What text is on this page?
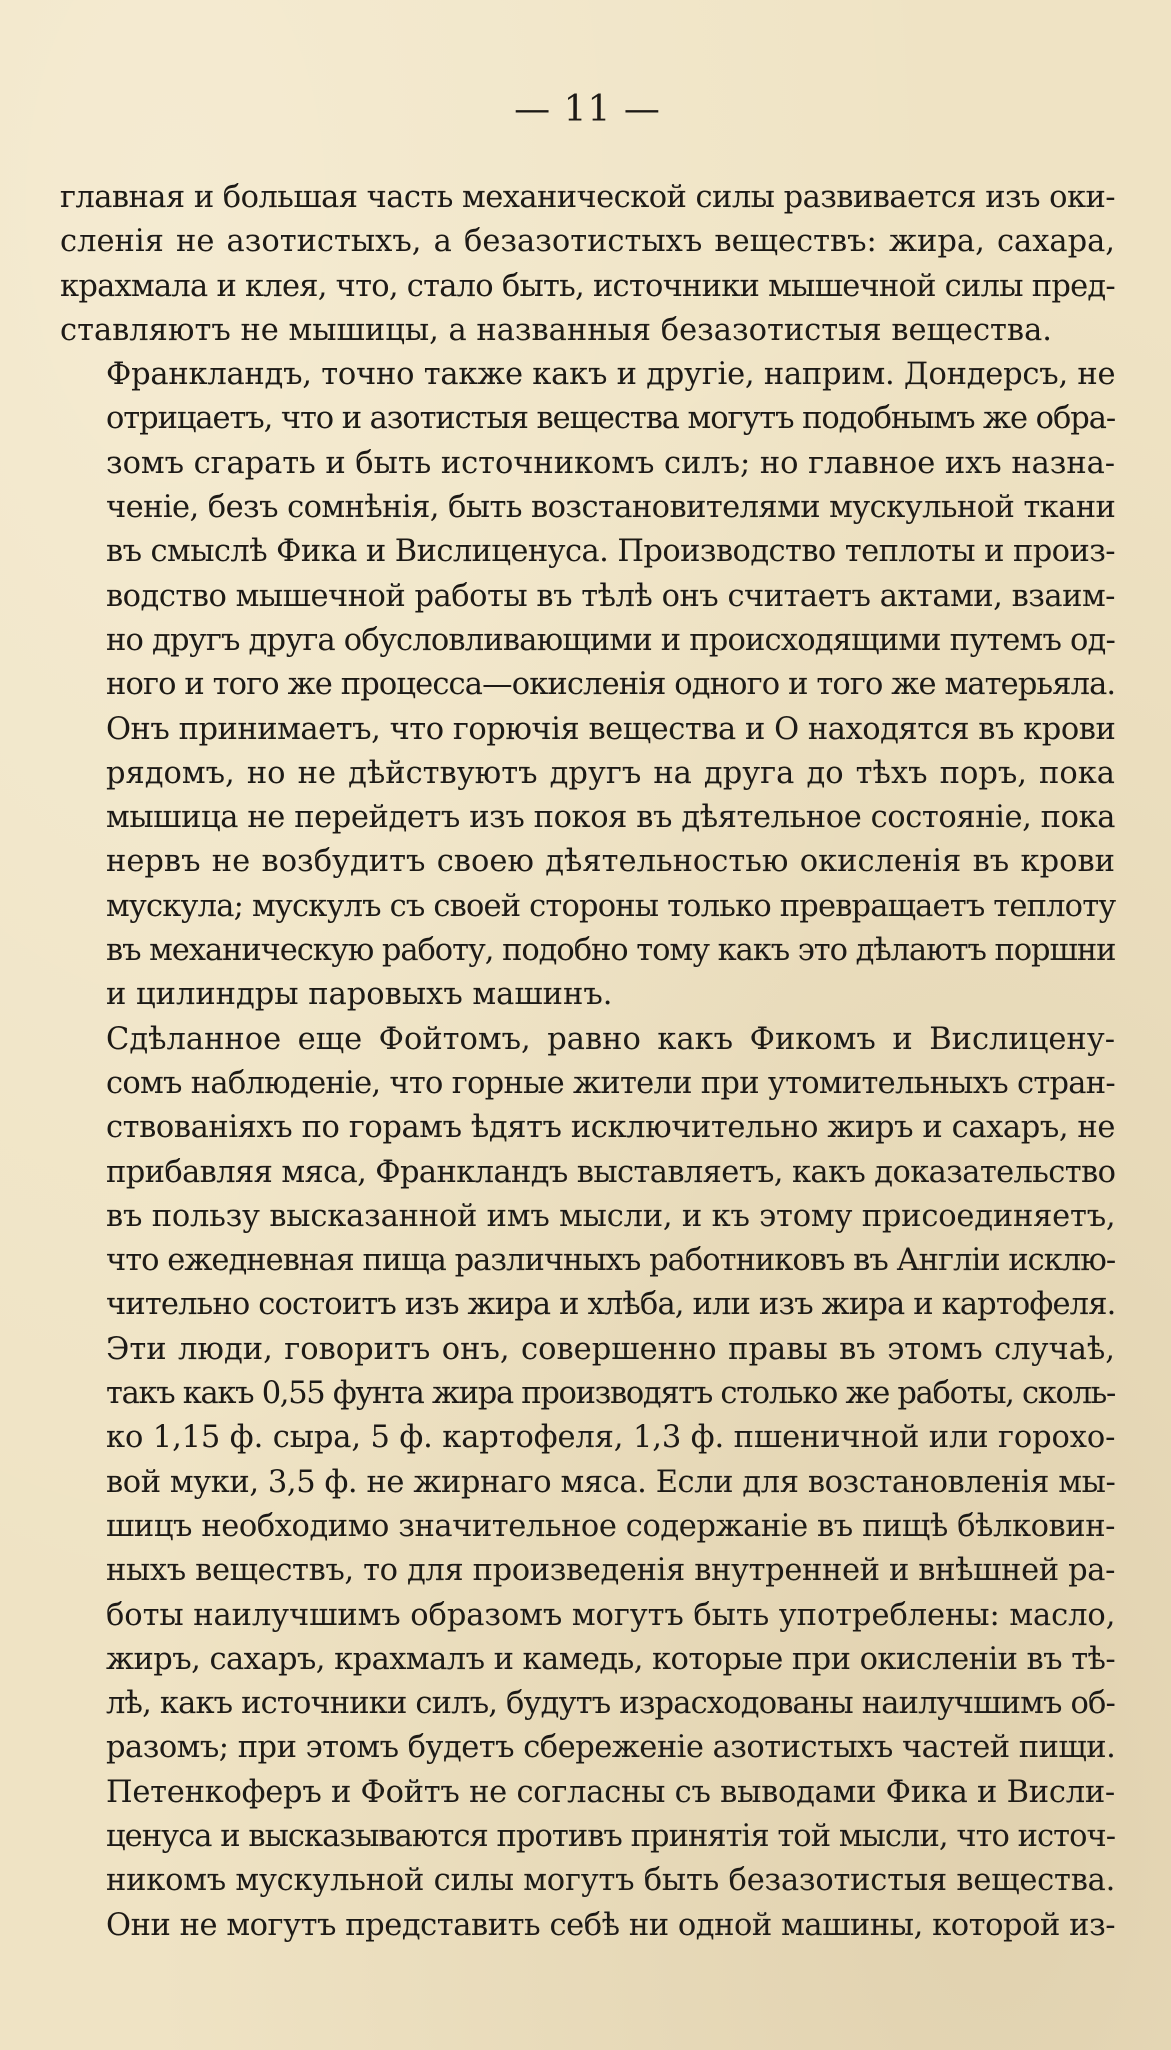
— 11 —

главная и большая часть механической силы развивается изъ оки-
сленія не азотистыхъ, а безазотистыхъ веществъ: жира, сахара,
крахмала и клея, что, стало быть, источники мышечной силы пред-
ставляютъ не мышицы, а названныя безазотистыя вещества.

Франкландъ, точно также какъ и другіе, наприм. Дондерсъ, не
отрицаетъ, что и азотистыя вещества могутъ подобнымъ же обра-
зомъ сгарать и быть источникомъ силъ; но главное ихъ назна-
ченіе, безъ сомнѣнія, быть возстановителями мускульной ткани
въ смыслѣ Фика и Вислиценуса. Производство теплоты и произ-
водство мышечной работы въ тѣлѣ онъ считаетъ актами, взаим-
но другъ друга обусловливающими и происходящими путемъ од-
ного и того же процесса—окисленія одного и того же матерьяла.
Онъ принимаетъ, что горючія вещества и О находятся въ крови
рядомъ, но не дѣйствуютъ другъ на друга до тѣхъ поръ, пока
мышица не перейдетъ изъ покоя въ дѣятельное состояніе, пока
нервъ не возбудитъ своею дѣятельностью окисленія въ крови
мускула; мускулъ съ своей стороны только превращаетъ теплоту
въ механическую работу, подобно тому какъ это дѣлаютъ поршни
и цилиндры паровыхъ машинъ.

Сдѣланное еще Фойтомъ, равно какъ Фикомъ и Вислицену-
сомъ наблюденіе, что горные жители при утомительныхъ стран-
ствованіяхъ по горамъ ѣдятъ исключительно жиръ и сахаръ, не
прибавляя мяса, Франкландъ выставляетъ, какъ доказательство
въ пользу высказанной имъ мысли, и къ этому присоединяетъ,
что ежедневная пища различныхъ работниковъ въ Англіи исклю-
чительно состоитъ изъ жира и хлѣба, или изъ жира и картофеля.
Эти люди, говоритъ онъ, совершенно правы въ этомъ случаѣ,
такъ какъ 0,55 фунта жира производятъ столько же работы, сколь-
ко 1,15 ф. сыра, 5 ф. картофеля, 1,3 ф. пшеничной или горохо-
вой муки, 3,5 ф. не жирнаго мяса. Если для возстановленія мы-
шицъ необходимо значительное содержаніе въ пищѣ бѣлковин-
ныхъ веществъ, то для произведенія внутренней и внѣшней ра-
боты наилучшимъ образомъ могутъ быть употреблены: масло,
жиръ, сахаръ, крахмалъ и камедь, которые при окисленіи въ тѣ-
лѣ, какъ источники силъ, будутъ израсходованы наилучшимъ об-
разомъ; при этомъ будетъ сбереженіе азотистыхъ частей пищи.

Петенкоферъ и Фойтъ не согласны съ выводами Фика и Висли-
ценуса и высказываются противъ принятія той мысли, что источ-
никомъ мускульной силы могутъ быть безазотистыя вещества.
Они не могутъ представить себѣ ни одной машины, которой из-
